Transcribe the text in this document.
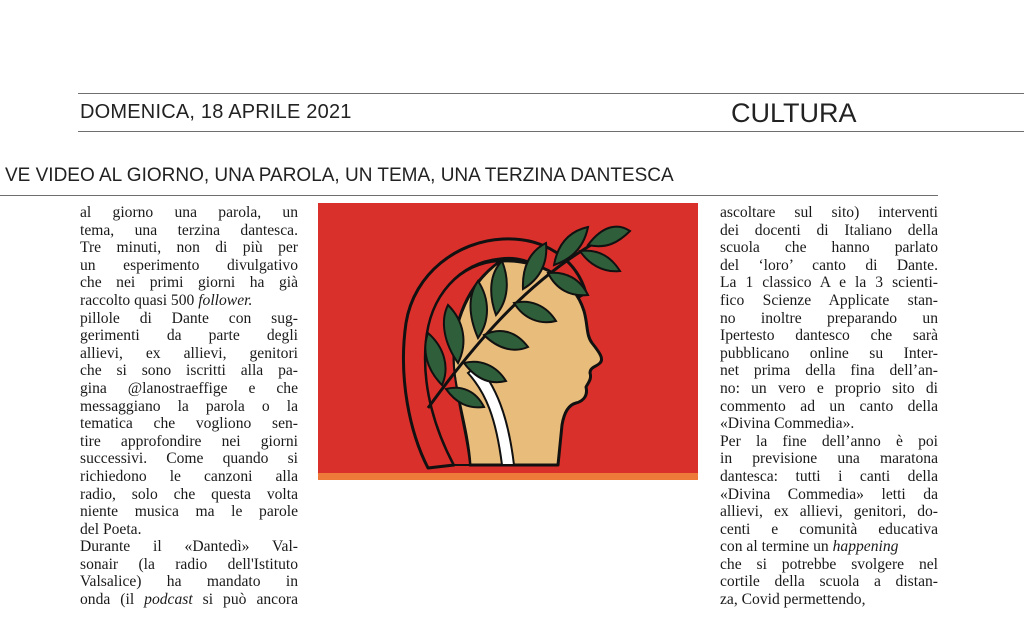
DOMENICA, 18 APRILE 2021	CULTURA
VE VIDEO AL GIORNO, UNA PAROLA, UN TEMA, UNA TERZINA DANTESCA
al giorno una parola, un
tema, una terzina dantesca.
Tre minuti, non di più per
un esperimento divulgativo
che nei primi giorni ha già
raccolto quasi 500 follower.
pillole di Dante con sug-
gerimenti da parte degli
allievi, ex allievi, genitori
che si sono iscritti alla pa-
gina @lanostraeffige e che
messaggiano la parola o la
tematica che vogliono sen-
tire approfondire nei giorni
successivi. Come quando si
richiedono le canzoni alla
radio, solo che questa volta
niente musica ma le parole
del Poeta.
Durante il «Dantedì» Val-
sonair (la radio dell'Istituto
Valsalice) ha mandato in
onda (il podcast si può ancora
ascoltare sul sito) interventi
dei docenti di Italiano della
scuola che hanno parlato
del ‘loro’ canto di Dante.
La 1 classico A e la 3 scienti-
fico Scienze Applicate stan-
no inoltre preparando un
Ipertesto dantesco che sarà
pubblicano online su Inter-
net prima della fina dell’an-
no: un vero e proprio sito di
commento ad un canto della
«Divina Commedia».
Per la fine dell’anno è poi
in previsione una maratona
dantesca: tutti i canti della
«Divina Commedia» letti da
allievi, ex allievi, genitori, do-
centi e comunità educativa
con al termine un happening
che si potrebbe svolgere nel
cortile della scuola a distan-
za, Covid permettendo,
